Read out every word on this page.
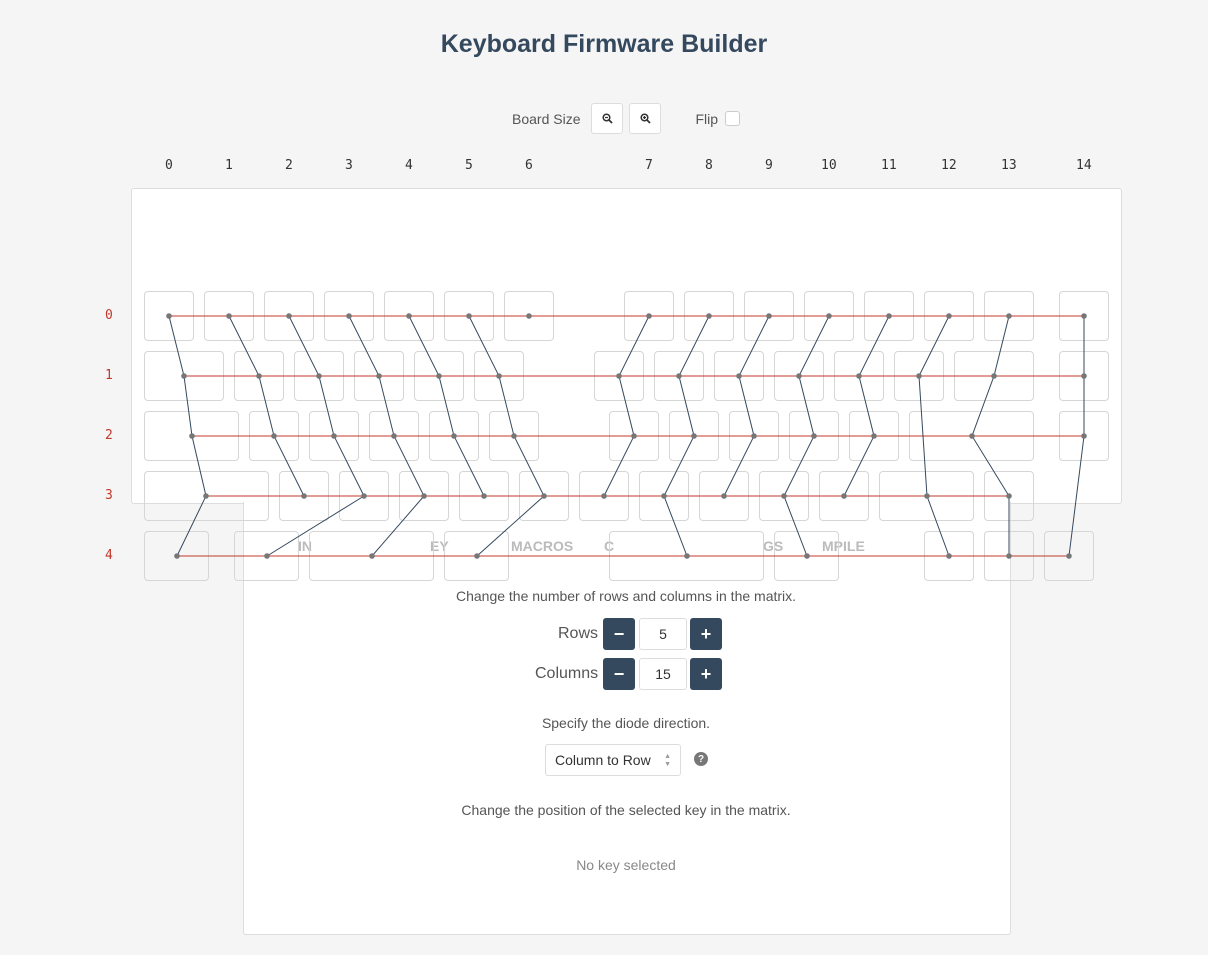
Keyboard Firmware Builder
Board Size	Flip
0	1	2	3	4	5	6	7	8	9	10	11	12	13	14
0
1
2
3
4
IN	EY	MACROS C	GS	MPILE
Change the number of rows and columns in the matrix.
Rows −	5	+
Columns −	15	+
Specify the diode direction.
Column to Row ▲
▼	?
Change the position of the selected key in the matrix.
No key selected
